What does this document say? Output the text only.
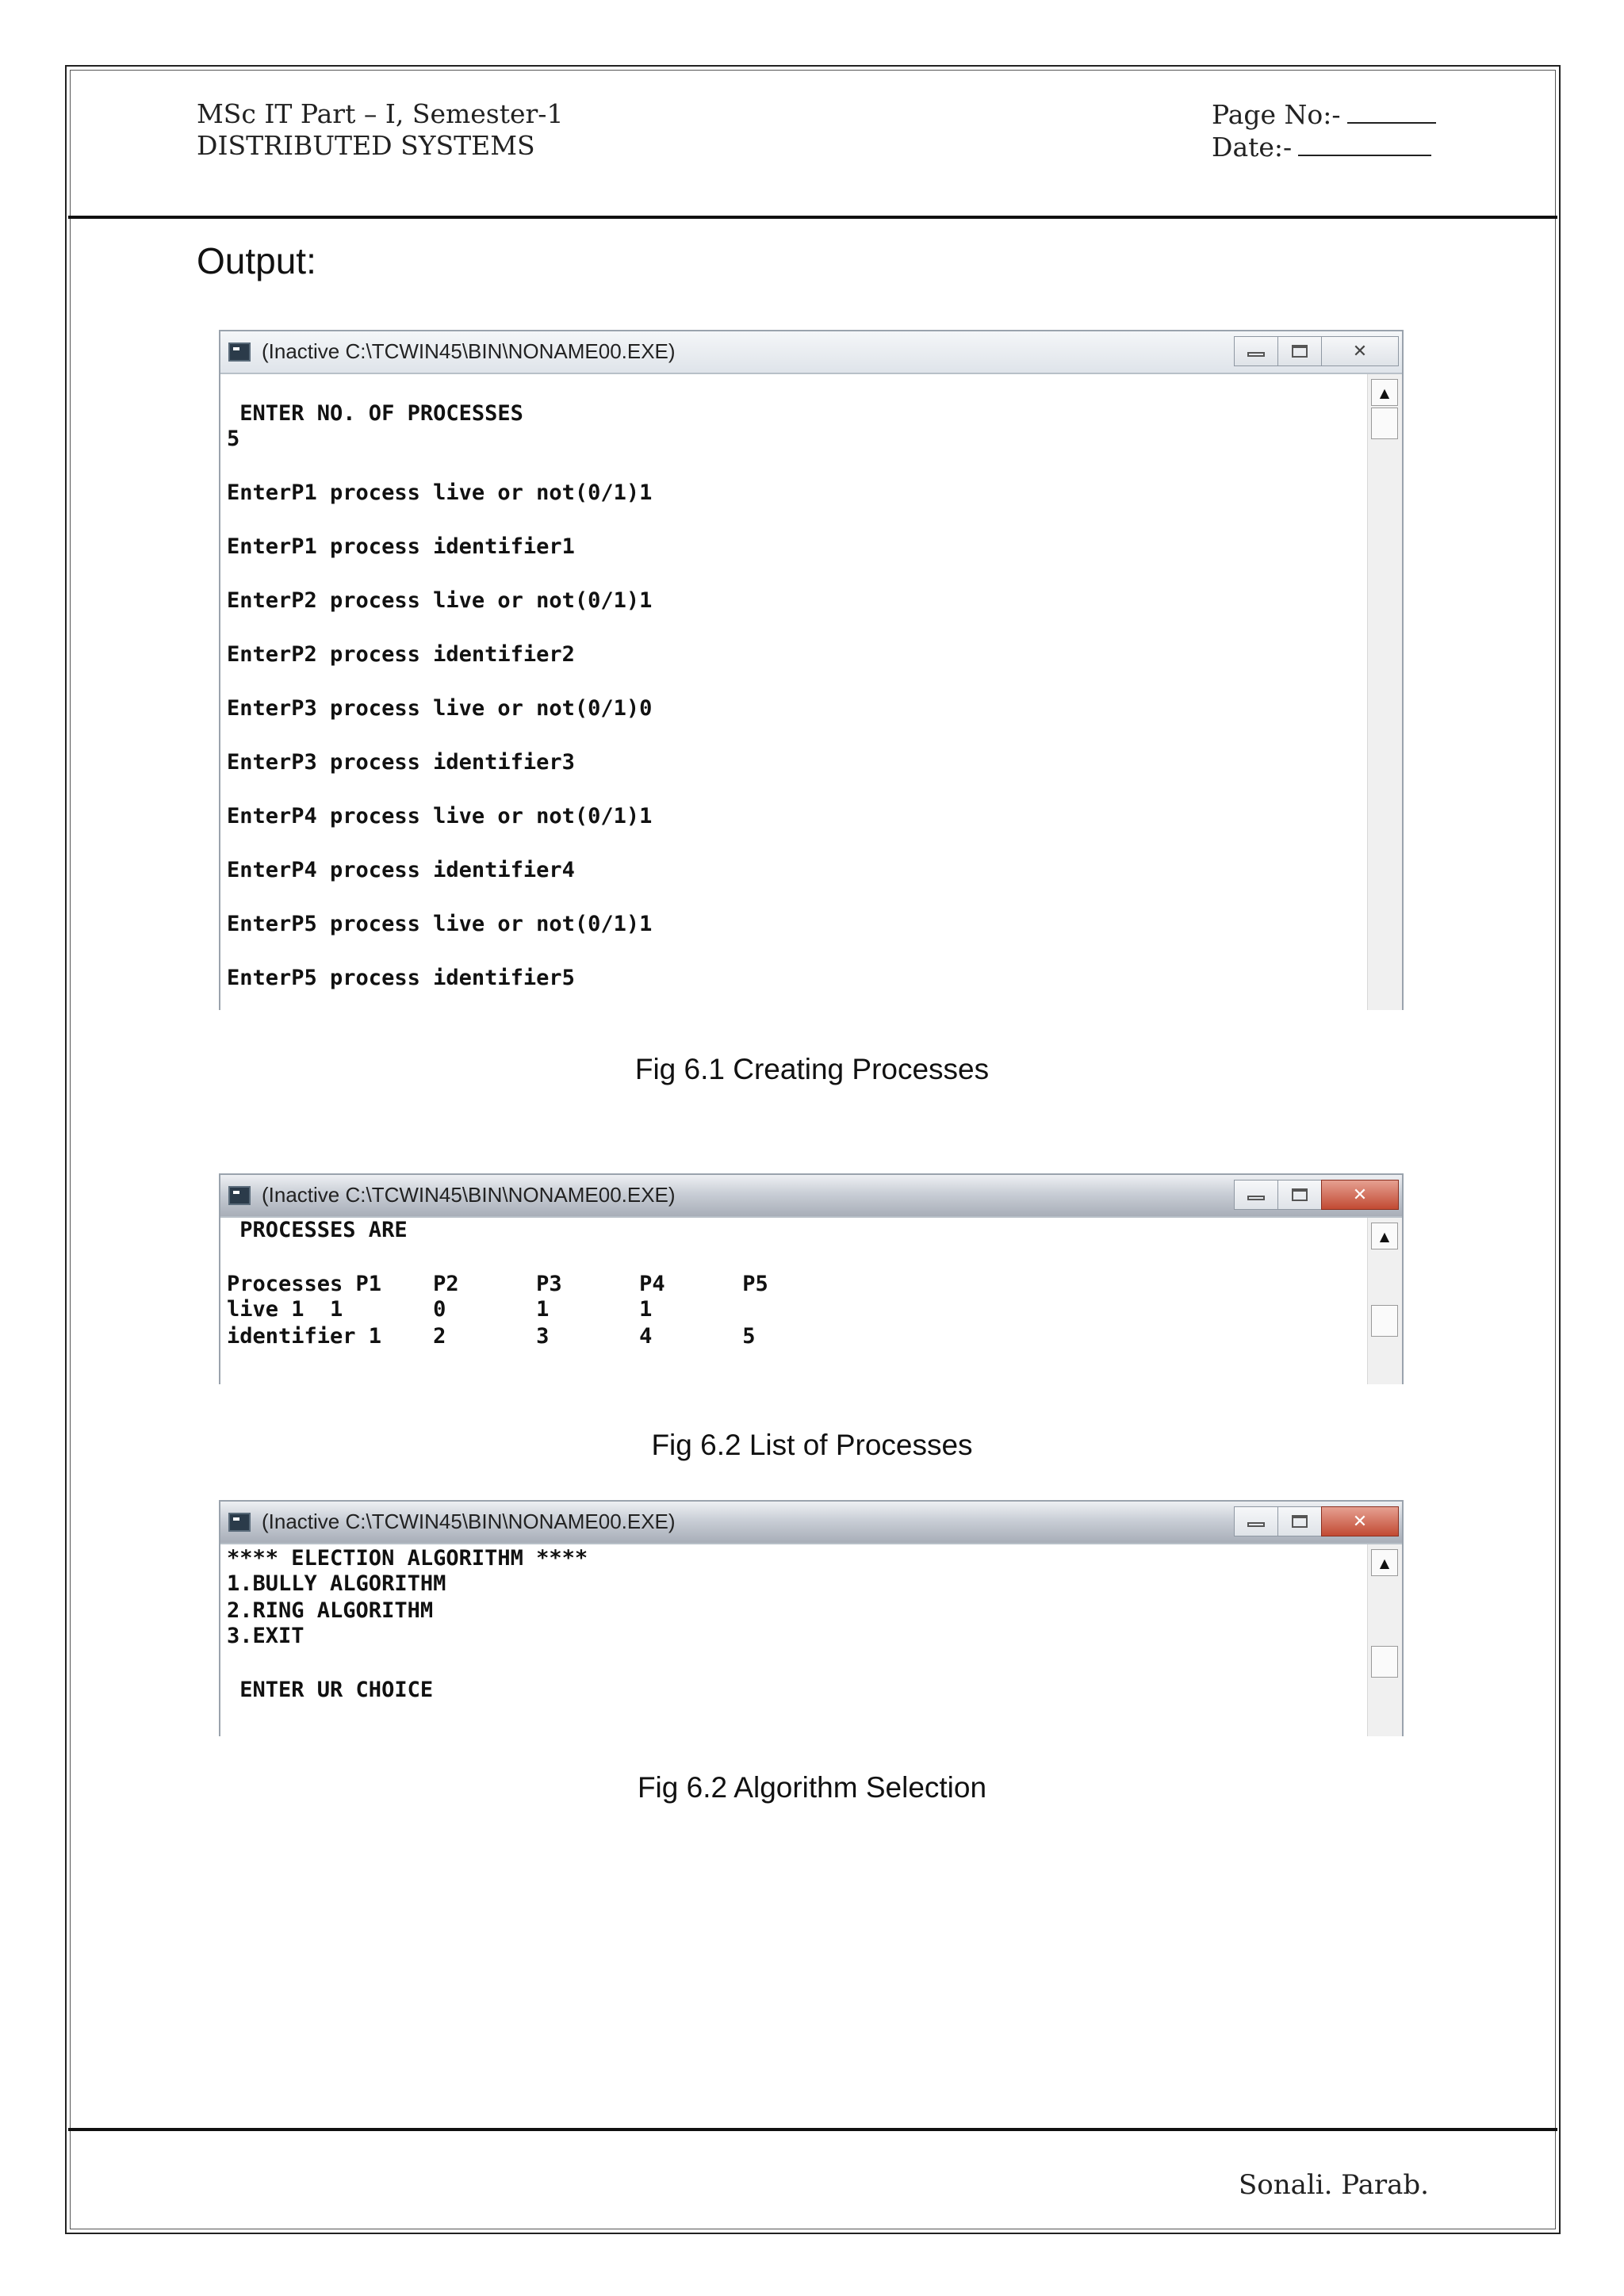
MSc IT Part – I, Semester-1
DISTRIBUTED SYSTEMS
Page No:-
Date:-
Output:
(Inactive C:\TCWIN45\BIN\NONAME00.EXE)	✕
ENTER NO. OF PROCESSES
5
EnterP1 process live or not(0/1)1
EnterP1 process identifier1
EnterP2 process live or not(0/1)1
EnterP2 process identifier2
EnterP3 process live or not(0/1)0
EnterP3 process identifier3
EnterP4 process live or not(0/1)1
EnterP4 process identifier4
EnterP5 process live or not(0/1)1
EnterP5 process identifier5
▲
Fig 6.1 Creating Processes
(Inactive C:\TCWIN45\BIN\NONAME00.EXE)	✕
PROCESSES ARE
Processes P1    P2      P3      P4      P5
live 1  1       0       1       1
identifier 1    2       3       4       5
▲
Fig 6.2 List of Processes
(Inactive C:\TCWIN45\BIN\NONAME00.EXE)	✕
**** ELECTION ALGORITHM ****
1.BULLY ALGORITHM
2.RING ALGORITHM
3.EXIT
ENTER UR CHOICE
▲
Fig 6.2 Algorithm Selection
Sonali. Parab.
